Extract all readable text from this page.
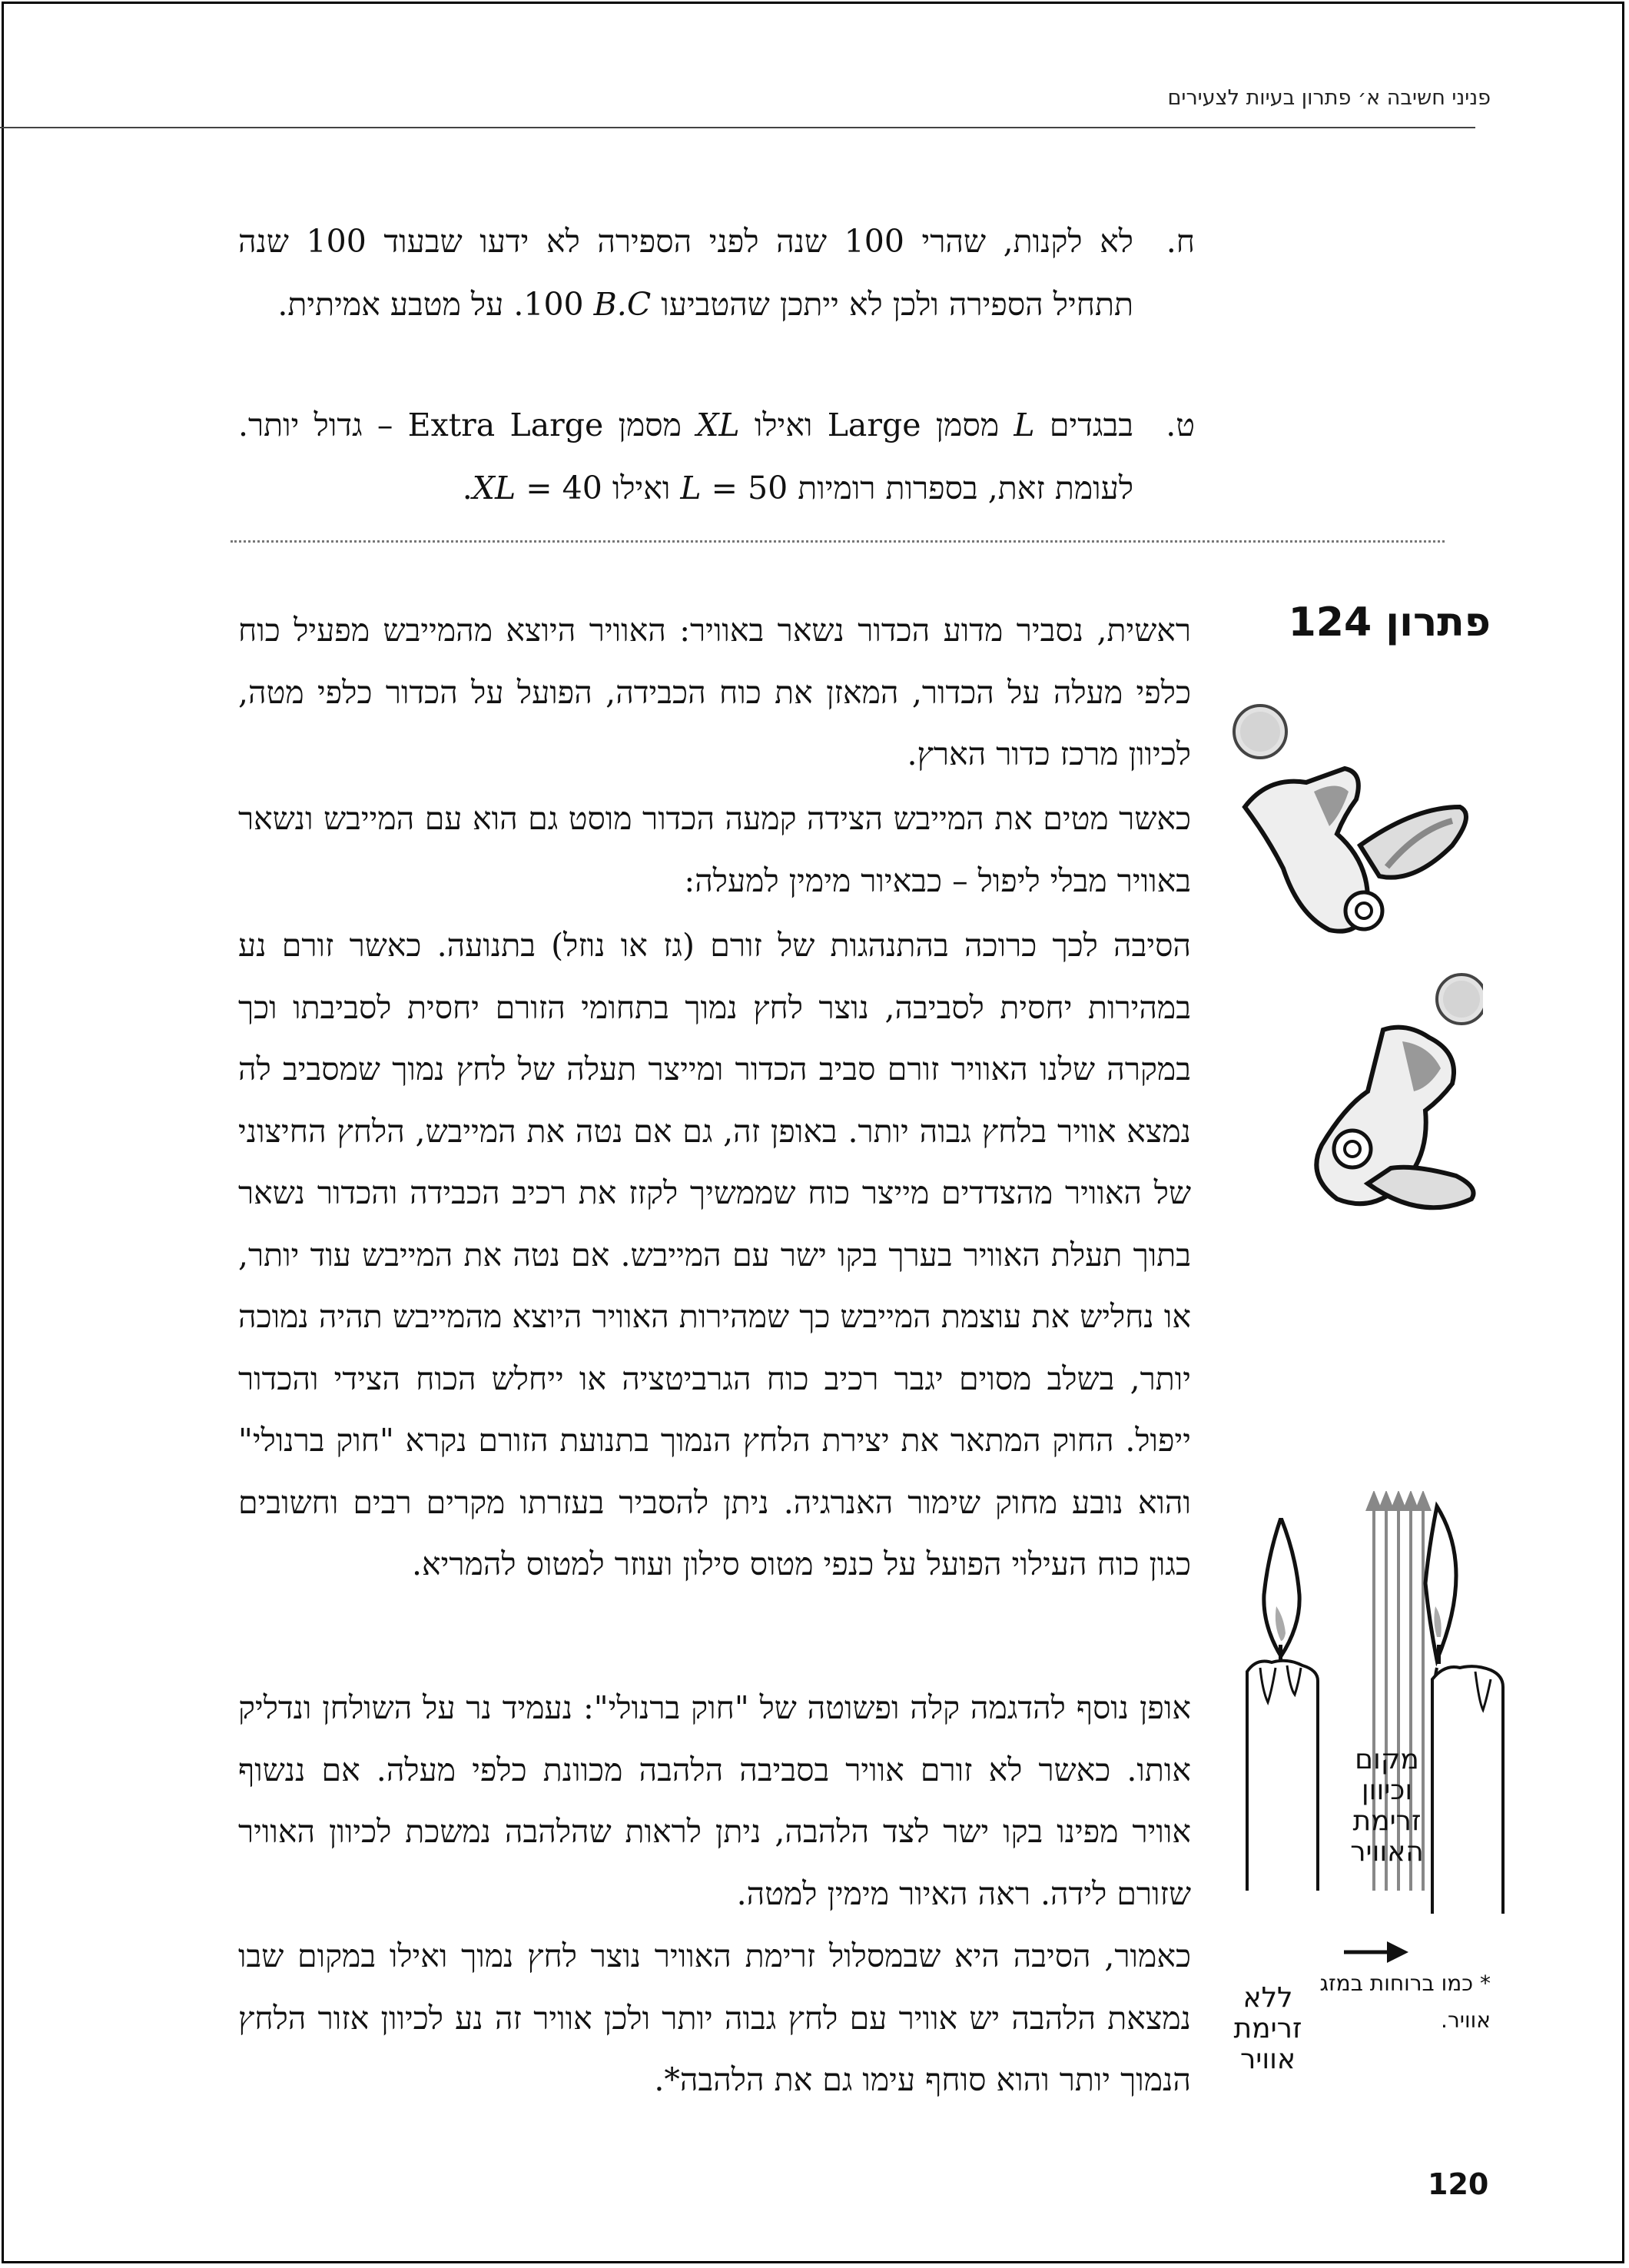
פניני חשיבה א׳ פתרון בעיות לצעירים
ח.
לא לקנות, שהרי 100 שנה לפני הספירה לא ידעו שבעוד 100 שנה תתחיל הספירה ולכן לא ייתכן שהטביעו B.C 100. על מטבע אמיתית.
ט.
בבגדים L מסמן Large ואילו XL מסמן Extra Large – גדול יותר. לעומת זאת, בספרות רומיות L = 50 ואילו XL = 40.
פתרון 124

ראשית, נסביר מדוע הכדור נשאר באוויר: האוויר היוצא מהמייבש מפעיל כוח כלפי מעלה על הכדור, המאזן את כוח הכבידה, הפועל על הכדור כלפי מטה, לכיוון מרכז כדור הארץ.

כאשר מטים את המייבש הצידה קמעה הכדור מוסט גם הוא עם המייבש ונשאר באוויר מבלי ליפול – כבאיור מימין למעלה:

הסיבה לכך כרוכה בהתנהגות של זורם (גז או נוזל) בתנועה. כאשר זורם נע במהירות יחסית לסביבה, נוצר לחץ נמוך בתחומי הזורם יחסית לסביבתו וכך במקרה שלנו האוויר זורם סביב הכדור ומייצר תעלה של לחץ נמוך שמסביב לה נמצא אוויר בלחץ גבוה יותר. באופן זה, גם אם נטה את המייבש, הלחץ החיצוני של האוויר מהצדדים מייצר כוח שממשיך לקזז את רכיב הכבידה והכדור נשאר בתוך תעלת האוויר בערך בקו ישר עם המייבש. אם נטה את המייבש עוד יותר, או נחליש את עוצמת המייבש כך שמהירות האוויר היוצא מהמייבש תהיה נמוכה יותר, בשלב מסוים יגבר רכיב כוח הגרביטציה או ייחלש הכוח הצידי והכדור ייפול. החוק המתאר את יצירת הלחץ הנמוך בתנועת הזורם נקרא "חוק ברנולי" והוא נובע מחוק שימור האנרגיה. ניתן להסביר בעזרתו מקרים רבים וחשובים כגון כוח העילוי הפועל על כנפי מטוס סילון ועוזר למטוס להמריא.

אופן נוסף להדגמה קלה ופשוטה של "חוק ברנולי": נעמיד נר על השולחן ונדליק אותו. כאשר לא זורם אוויר בסביבה הלהבה מכוונת כלפי מעלה. אם ננשוף אוויר מפינו בקו ישר לצד הלהבה, ניתן לראות שהלהבה נמשכת לכיוון האוויר שזורם לידה. ראה האיור מימין למטה.

כאמור, הסיבה היא שבמסלול זרימת האוויר נוצר לחץ נמוך ואילו במקום שבו נמצאת הלהבה יש אוויר עם לחץ גבוה יותר ולכן אוויר זה נע לכיוון אזור הלחץ הנמוך יותר והוא סוחף עימו גם את הלהבה*.

מקום וכיוון זרימת האוויר
ללא זרימת אוויר
* כמו ברוחות במזג אוויר.
120
